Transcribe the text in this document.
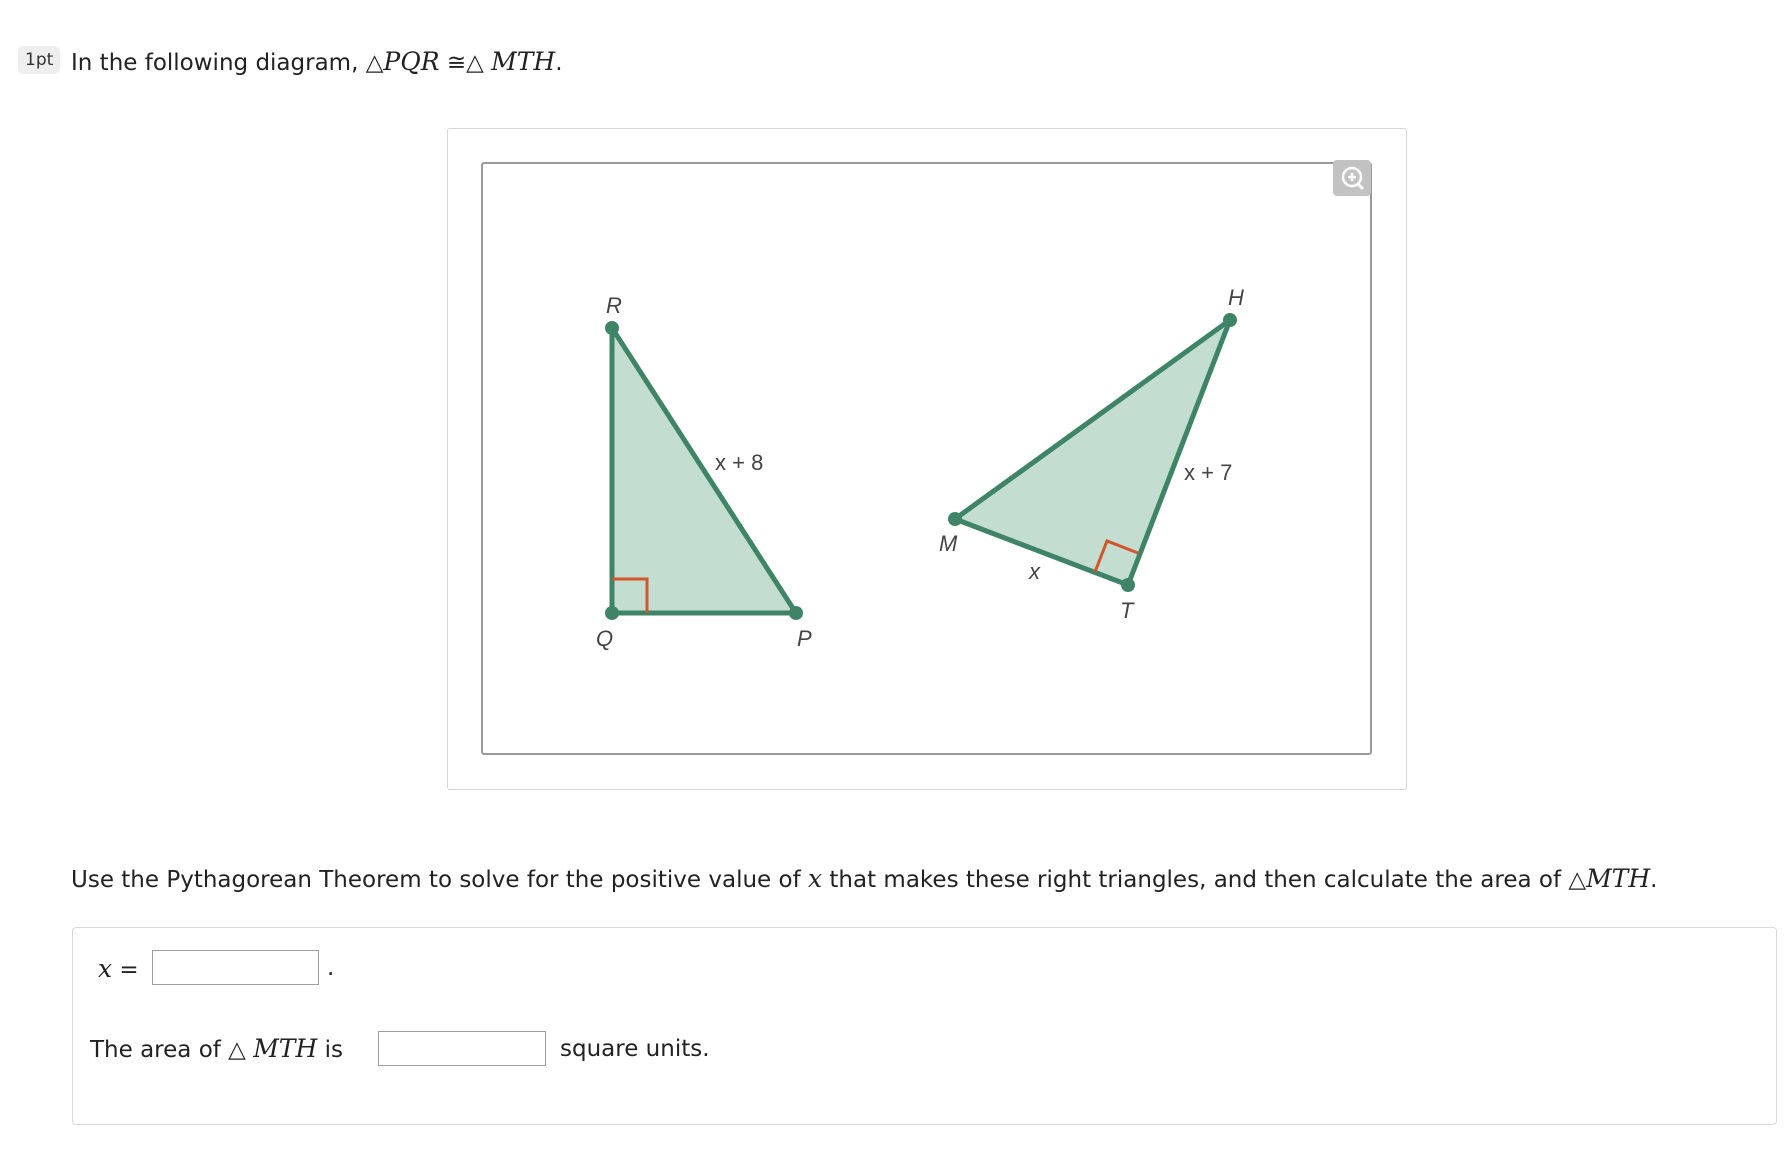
1pt In the following diagram, △PQR ≅△ MTH.
R
Q	P
x + 8
H
M
T
x
x + 7
Use the Pythagorean Theorem to solve for the positive value of x that makes these right triangles, and then calculate the area of △MTH.
x =	.
The area of △ MTH is	square units.
